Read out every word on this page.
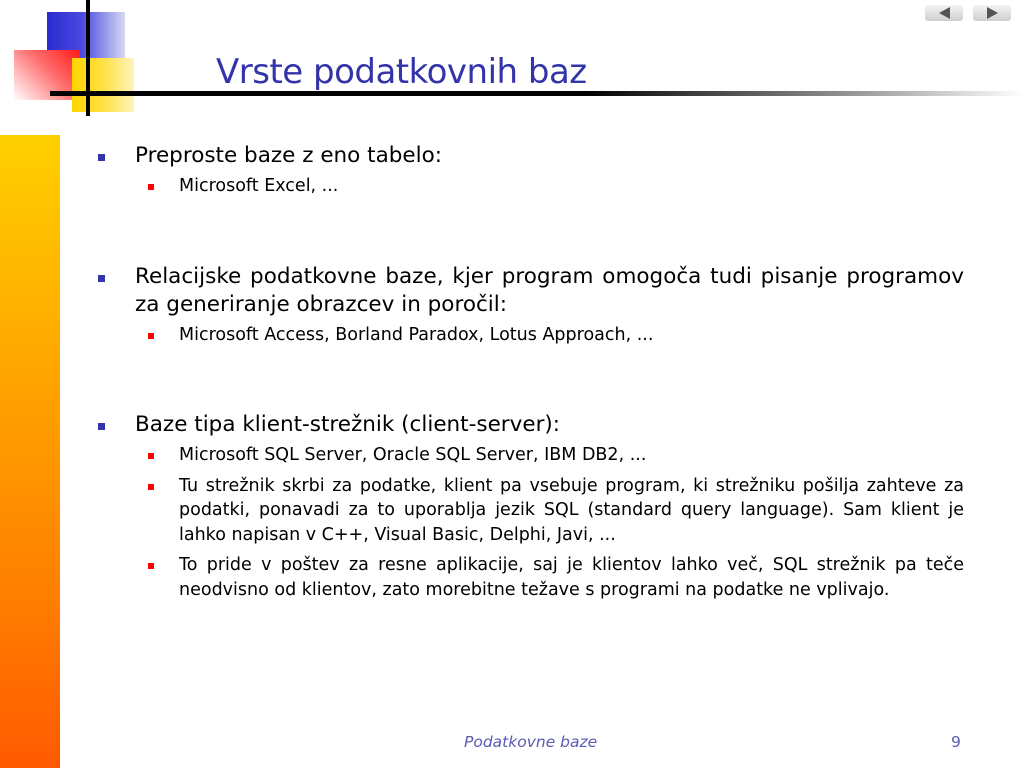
Vrste podatkovnih baz
Preproste baze z eno tabelo:
Microsoft Excel, ...
Relacijske podatkovne baze, kjer program omogoča tudi pisanje programov za generiranje obrazcev in poročil:
Microsoft Access, Borland Paradox, Lotus Approach, ...
Baze tipa klient-strežnik (client-server):
Microsoft SQL Server, Oracle SQL Server, IBM DB2, ...
Tu strežnik skrbi za podatke, klient pa vsebuje program, ki strežniku pošilja zahteve za podatki, ponavadi za to uporablja jezik SQL (standard query language). Sam klient je lahko napisan v C++, Visual Basic, Delphi, Javi, ...
To pride v poštev za resne aplikacije, saj je klientov lahko več, SQL strežnik pa teče neodvisno od klientov, zato morebitne težave s programi na podatke ne vplivajo.
Podatkovne baze	9
